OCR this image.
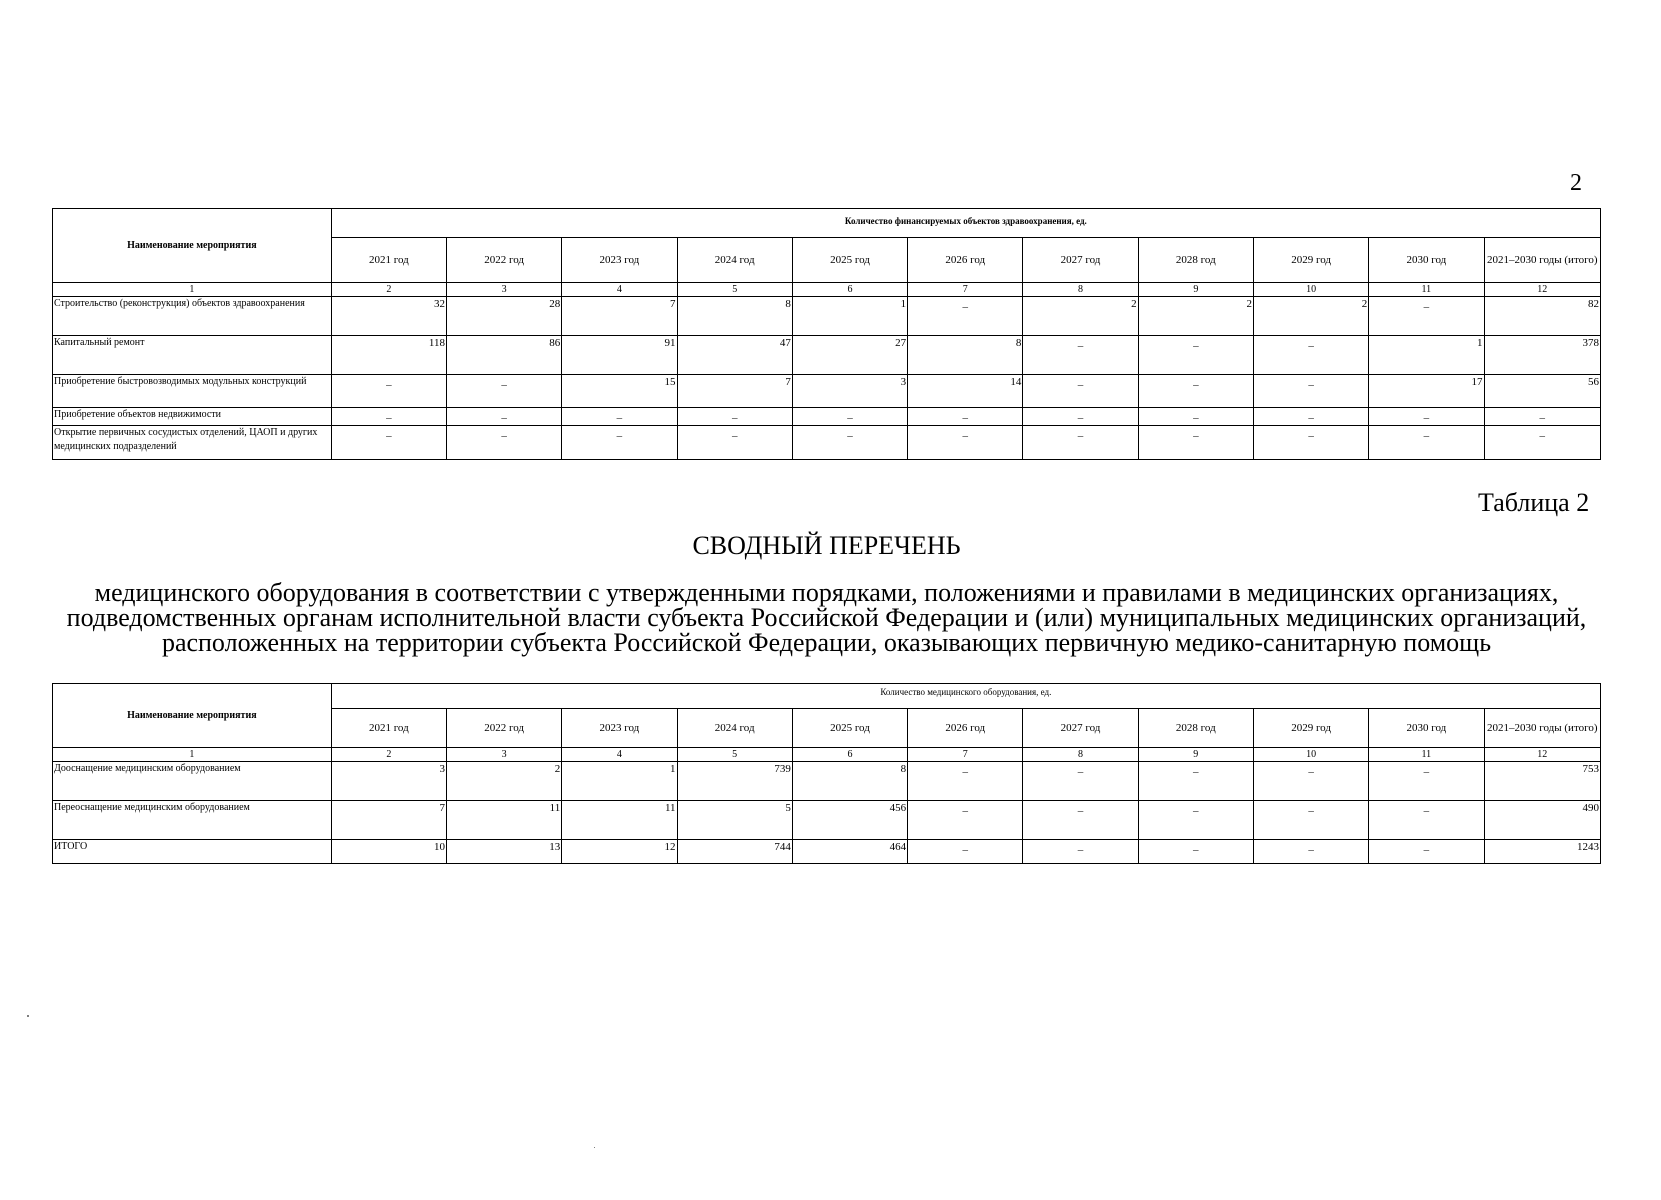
2
Наименование мероприятия	Количество финансируемых объектов здравоохранения, ед.										
	2021 год	2022 год	2023 год	2024 год	2025 год	2026 год	2027 год	2028 год	2029 год	2030 год	2021–2030 годы (итого)
1	2	3	4	5	6	7	8	9	10	11	12
Строительство (реконструкция) объектов здравоохранения	32	28	7	8	1	–	2	2	2	–	82
Капитальный ремонт	118	86	91	47	27	8	–	–	–	1	378
Приобретение быстровозводимых модульных конструкций	–	–	15	7	3	14	–	–	–	17	56
Приобретение объектов недвижимости	–	–	–	–	–	–	–	–	–	–	–
Открытие первичных сосудистых отделений, ЦАОП и других медицинских подразделений	–	–	–	–	–	–	–	–	–	–	–
Таблица 2
СВОДНЫЙ ПЕРЕЧЕНЬ
медицинского оборудования в соответствии с утвержденными порядками, положениями и правилами в медицинских организациях, подведомственных органам исполнительной власти субъекта Российской Федерации и (или) муниципальных медицинских организаций, расположенных на территории субъекта Российской Федерации, оказывающих первичную медико-санитарную помощь
Наименование мероприятия	Количество медицинского оборудования, ед.										
	2021 год	2022 год	2023 год	2024 год	2025 год	2026 год	2027 год	2028 год	2029 год	2030 год	2021–2030 годы (итого)
1	2	3	4	5	6	7	8	9	10	11	12
Дооснащение медицинским оборудованием	3	2	1	739	8	–	–	–	–	–	753
Переоснащение медицинским оборудованием	7	11	11	5	456	–	–	–	–	–	490
ИТОГО	10	13	12	744	464	–	–	–	–	–	1243
